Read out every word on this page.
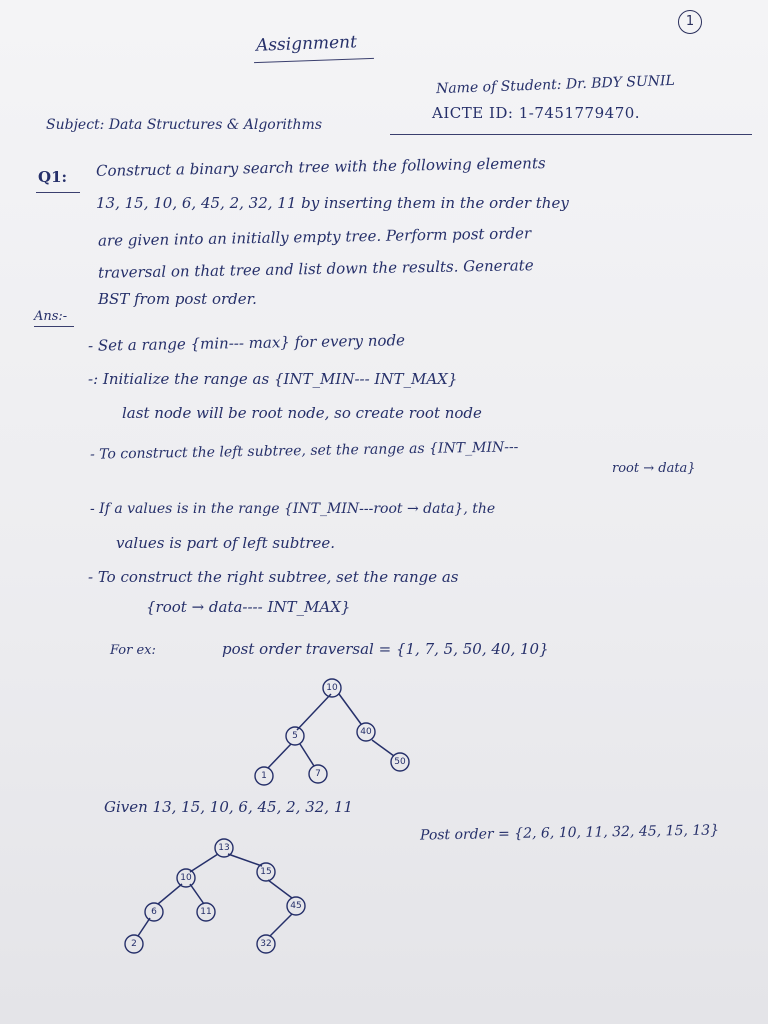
1
Assignment
Name of Student: Dr. BDY SUNIL
AICTE ID: 1-7451779470.
Subject: Data Structures & Algorithms
Q1: Construct a binary search tree with the following elements
13, 15, 10, 6, 45, 2, 32, 11 by inserting them in the order they
are given into an initially empty tree. Perform post order
traversal on that tree and list down the results. Generate
BST from post order.
Ans:-
- Set a range {min--- max} for every node
-: Initialize the range as {INT_MIN--- INT_MAX}
last node will be root node, so create root node
- To construct the left subtree, set the range as {INT_MIN---
root → data}
- If a values is in the range {INT_MIN---root → data}, the
values is part of left subtree.
- To construct the right subtree, set the range as
{root → data---- INT_MAX}
For ex:	post order traversal = {1, 7, 5, 50, 40, 10}
10
5	40
1	7
50
Given 13, 15, 10, 6, 45, 2, 32, 11
Post order = {2, 6, 10, 11, 32, 45, 15, 13}
13
10
15
6	11
45
2	32
